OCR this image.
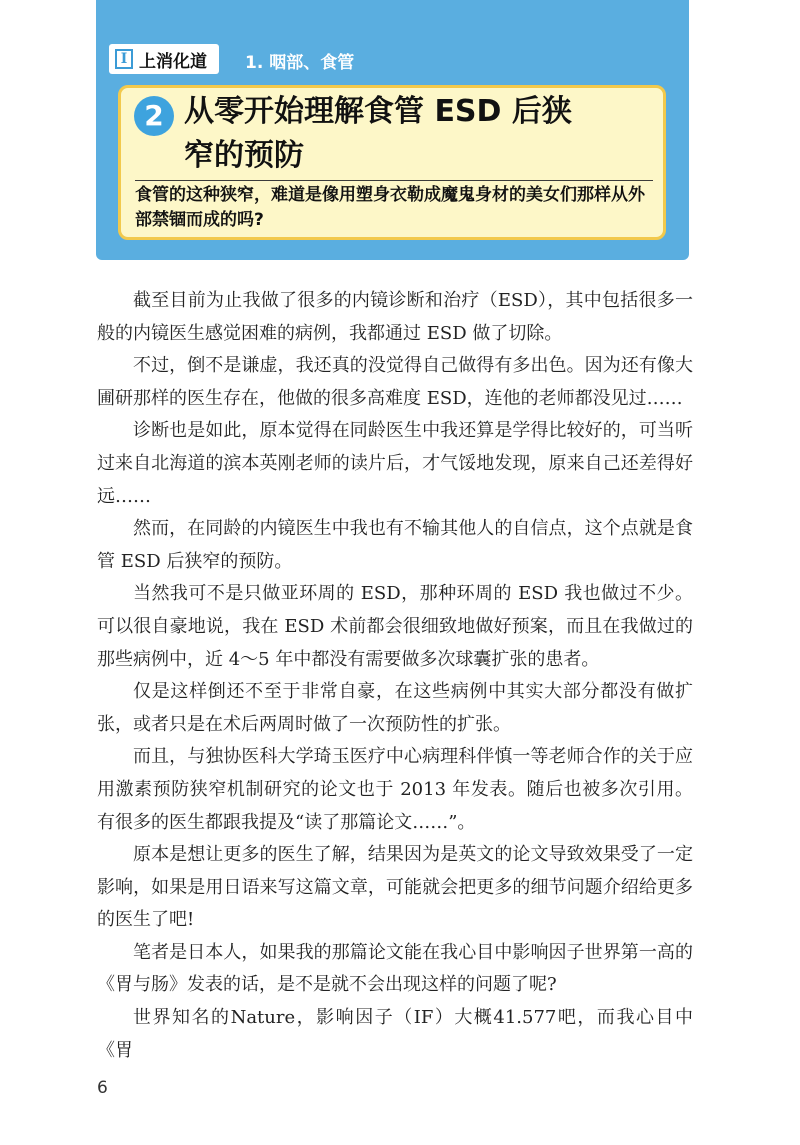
I 上消化道 1. 咽部、食管
2 从零开始理解食管 ESD 后狭
窄的预防
食管的这种狭窄，难道是像用塑身衣勒成魔鬼身材的美女们那样从外部禁锢而成的吗?

截至目前为止我做了很多的内镜诊断和治疗（ESD），其中包括很多一般的内镜医生感觉困难的病例，我都通过 ESD 做了切除。

不过，倒不是谦虚，我还真的没觉得自己做得有多出色。因为还有像大圃研那样的医生存在，他做的很多高难度 ESD，连他的老师都没见过……

诊断也是如此，原本觉得在同龄医生中我还算是学得比较好的，可当听过来自北海道的滨本英刚老师的读片后，才气馁地发现，原来自己还差得好远……

然而，在同龄的内镜医生中我也有不输其他人的自信点，这个点就是食管 ESD 后狭窄的预防。

当然我可不是只做亚环周的 ESD，那种环周的 ESD 我也做过不少。可以很自豪地说，我在 ESD 术前都会很细致地做好预案，而且在我做过的那些病例中，近 4～5 年中都没有需要做多次球囊扩张的患者。

仅是这样倒还不至于非常自豪，在这些病例中其实大部分都没有做扩张，或者只是在术后两周时做了一次预防性的扩张。

而且，与独协医科大学琦玉医疗中心病理科伴慎一等老师合作的关于应用激素预防狭窄机制研究的论文也于 2013 年发表。随后也被多次引用。有很多的医生都跟我提及“读了那篇论文……”。

原本是想让更多的医生了解，结果因为是英文的论文导致效果受了一定影响，如果是用日语来写这篇文章，可能就会把更多的细节问题介绍给更多的医生了吧!

笔者是日本人，如果我的那篇论文能在我心目中影响因子世界第一高的《胃与肠》发表的话，是不是就不会出现这样的问题了呢?

世界知名的Nature，影响因子（IF）大概41.577吧，而我心目中《胃

6
